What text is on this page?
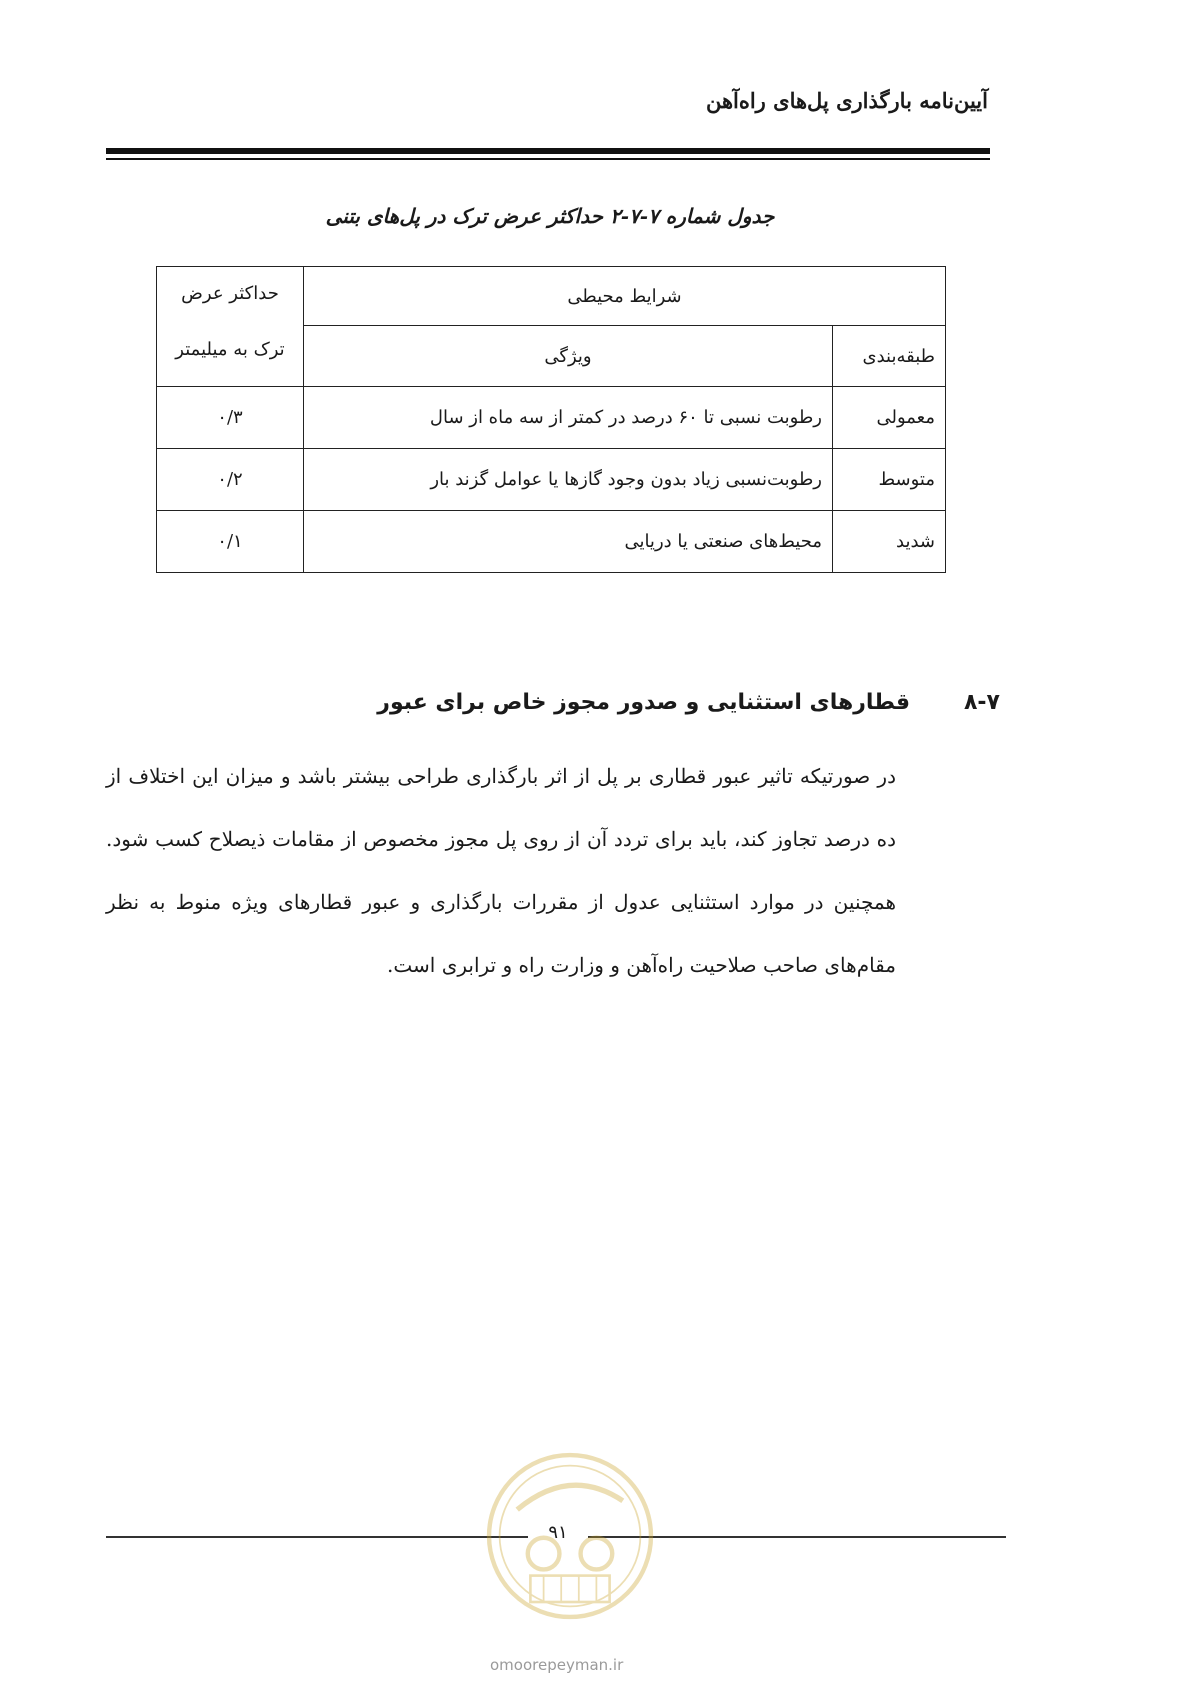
آیین‌نامه بارگذاری پل‌های راه‌آهن
جدول شماره ۷-۷-۲ حداکثر عرض ترک در پل‌های بتنی
شرایط محیطی		حداکثر عرض
ترک به میلیمتر

طبقه‌بندی	ویژگی	
معمولی	رطوبت نسبی تا ۶۰ درصد در کمتر از سه ماه از سال	۰/۳
متوسط	رطوبت‌نسبی زیاد بدون وجود گازها یا عوامل گزند بار	۰/۲
شدید	محیط‌های صنعتی یا دریایی	۰/۱
۸-۷
قطارهای استثنایی و صدور مجوز خاص برای عبور
در صورتیکه تاثیر عبور قطاری بر پل از اثر بارگذاری طراحی بیشتر باشد و میزان این اختلاف از ده درصد تجاوز کند، باید برای تردد آن از روی پل مجوز مخصوص از مقامات ذیصلاح کسب شود. همچنین در موارد استثنایی عدول از مقررات بارگذاری و عبور قطارهای ویژه منوط به نظر مقام‌های صاحب صلاحیت راه‌آهن و وزارت راه و ترابری است.
۹۱
omoorepeyman.ir
